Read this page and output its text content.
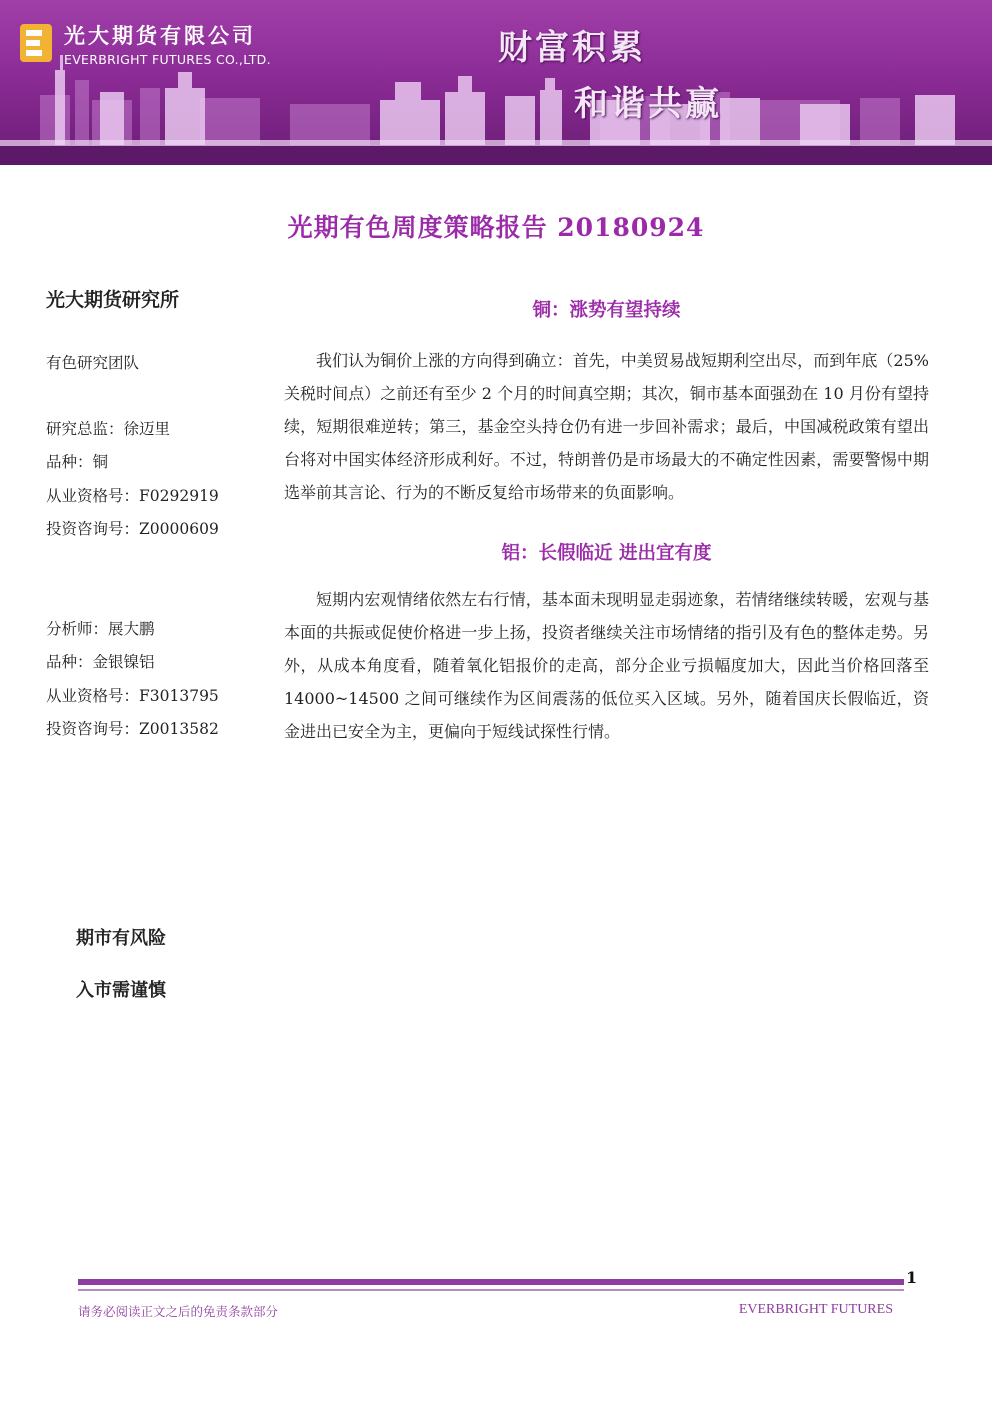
光大期货有限公司
EVERBRIGHT FUTURES CO.,LTD.	财富积累
和谐共赢
光期有色周度策略报告 20180924
光大期货研究所
有色研究团队
研究总监：徐迈里
品种：铜
从业资格号：F0292919
投资咨询号：Z0000609
分析师：展大鹏
品种：金银镍铝
从业资格号：F3013795
投资咨询号：Z0013582
期市有风险
入市需谨慎
铜：涨势有望持续

我们认为铜价上涨的方向得到确立：首先，中美贸易战短期利空出尽，而到年底（25%关税时间点）之前还有至少 2 个月的时间真空期；其次，铜市基本面强劲在 10 月份有望持续，短期很难逆转；第三，基金空头持仓仍有进一步回补需求；最后，中国减税政策有望出台将对中国实体经济形成利好。不过，特朗普仍是市场最大的不确定性因素，需要警惕中期选举前其言论、行为的不断反复给市场带来的负面影响。

铝：长假临近 进出宜有度

短期内宏观情绪依然左右行情，基本面未现明显走弱迹象，若情绪继续转暖，宏观与基本面的共振或促使价格进一步上扬，投资者继续关注市场情绪的指引及有色的整体走势。另外，从成本角度看，随着氧化铝报价的走高，部分企业亏损幅度加大，因此当价格回落至 14000~14500 之间可继续作为区间震荡的低位买入区域。另外，随着国庆长假临近，资金进出已安全为主，更偏向于短线试探性行情。

1
请务必阅读正文之后的免责条款部分	EVERBRIGHT FUTURES
